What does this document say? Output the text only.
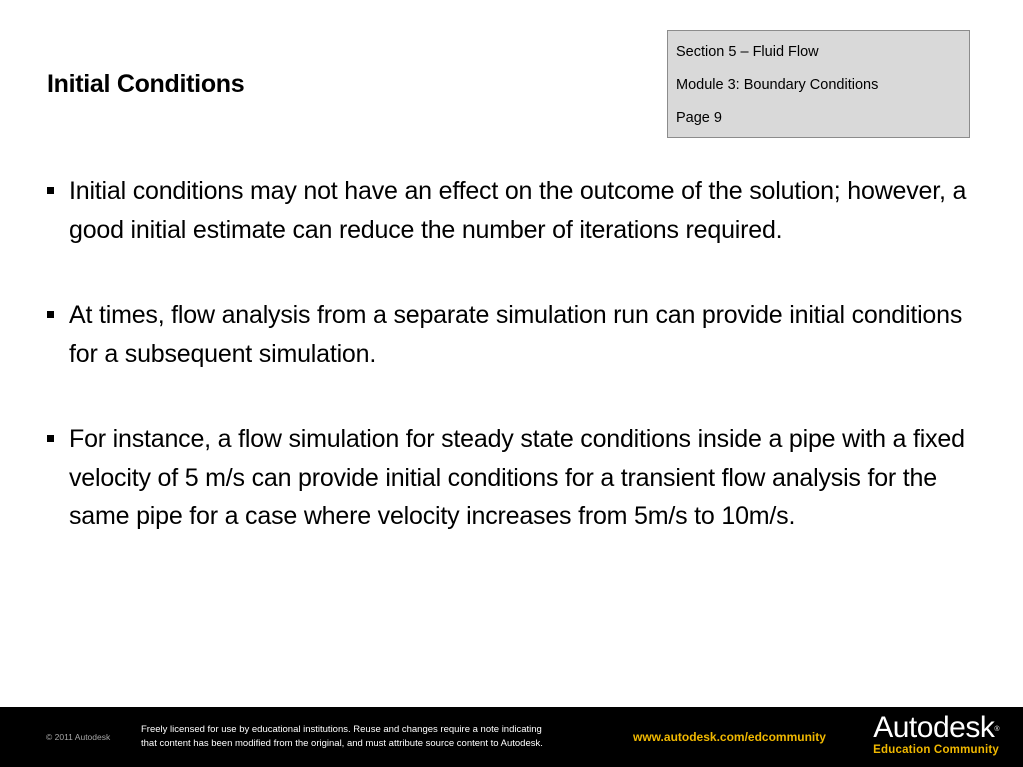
Initial Conditions
Section 5 – Fluid Flow
Module 3: Boundary Conditions
Page 9
Initial conditions may not have an effect on the outcome of the solution; however, a good initial estimate can reduce the number of iterations required.
At times, flow analysis from a separate simulation run can provide initial conditions for a subsequent simulation.
For instance, a flow simulation for steady state conditions inside a pipe with a fixed velocity of 5 m/s can provide initial conditions for a transient flow analysis for the same pipe for a case where velocity increases from 5m/s to 10m/s.
© 2011 Autodesk
Freely licensed for use by educational institutions. Reuse and changes require a note indicating
that content has been modified from the original, and must attribute source content to Autodesk.	www.autodesk.com/edcommunity Autodesk®
Education Community
